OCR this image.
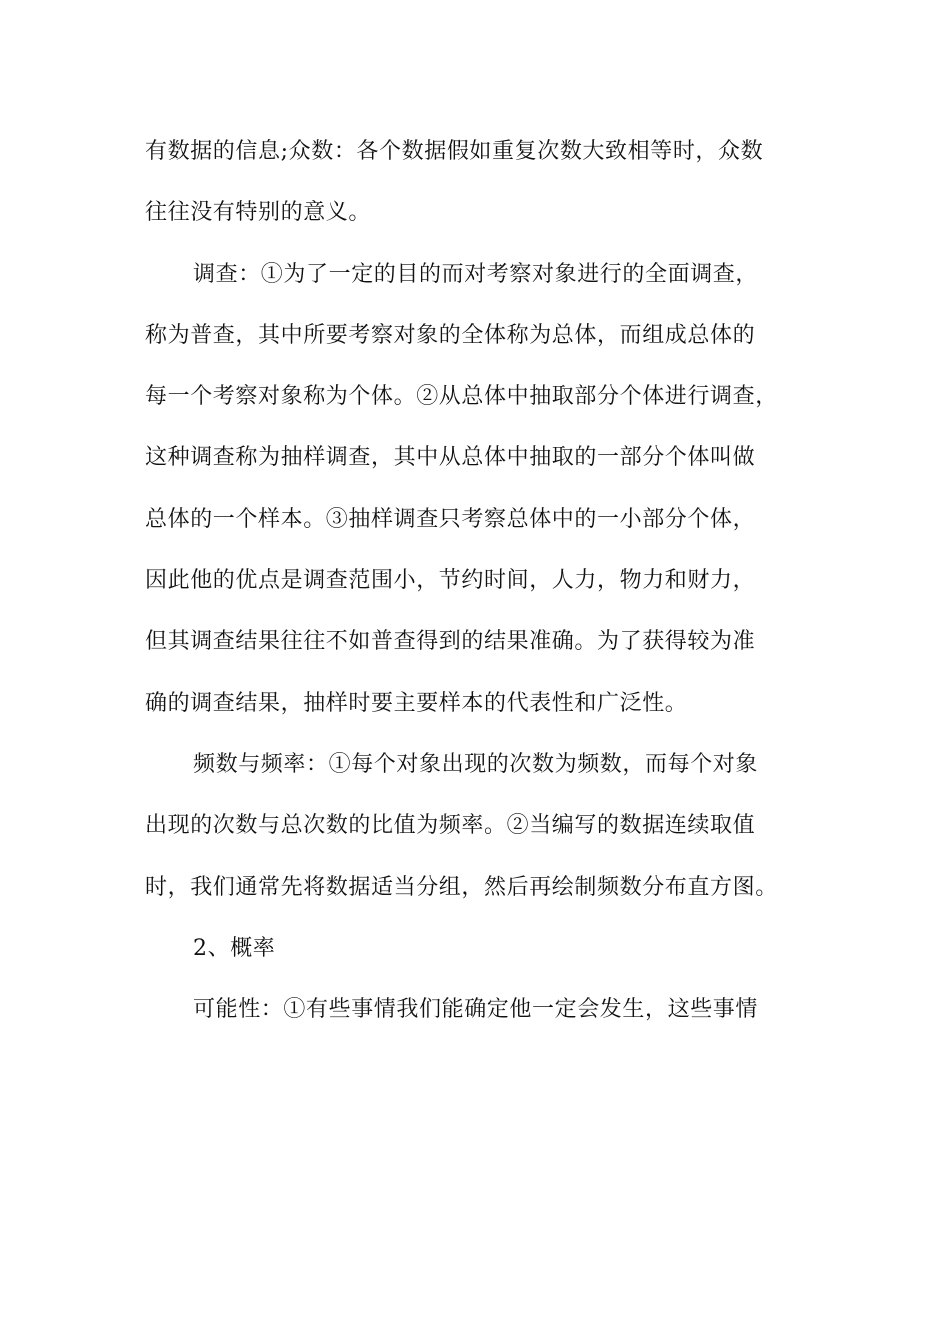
有数据的信息;众数：各个数据假如重复次数大致相等时，众数
往往没有特别的意义。
调查：①为了一定的目的而对考察对象进行的全面调查，
称为普查，其中所要考察对象的全体称为总体，而组成总体的
每一个考察对象称为个体。②从总体中抽取部分个体进行调查，
这种调查称为抽样调查，其中从总体中抽取的一部分个体叫做
总体的一个样本。③抽样调查只考察总体中的一小部分个体，
因此他的优点是调查范围小，节约时间，人力，物力和财力，
但其调查结果往往不如普查得到的结果准确。为了获得较为准
确的调查结果，抽样时要主要样本的代表性和广泛性。
频数与频率：①每个对象出现的次数为频数，而每个对象
出现的次数与总次数的比值为频率。②当编写的数据连续取值
时，我们通常先将数据适当分组，然后再绘制频数分布直方图。
2、概率
可能性：①有些事情我们能确定他一定会发生，这些事情
